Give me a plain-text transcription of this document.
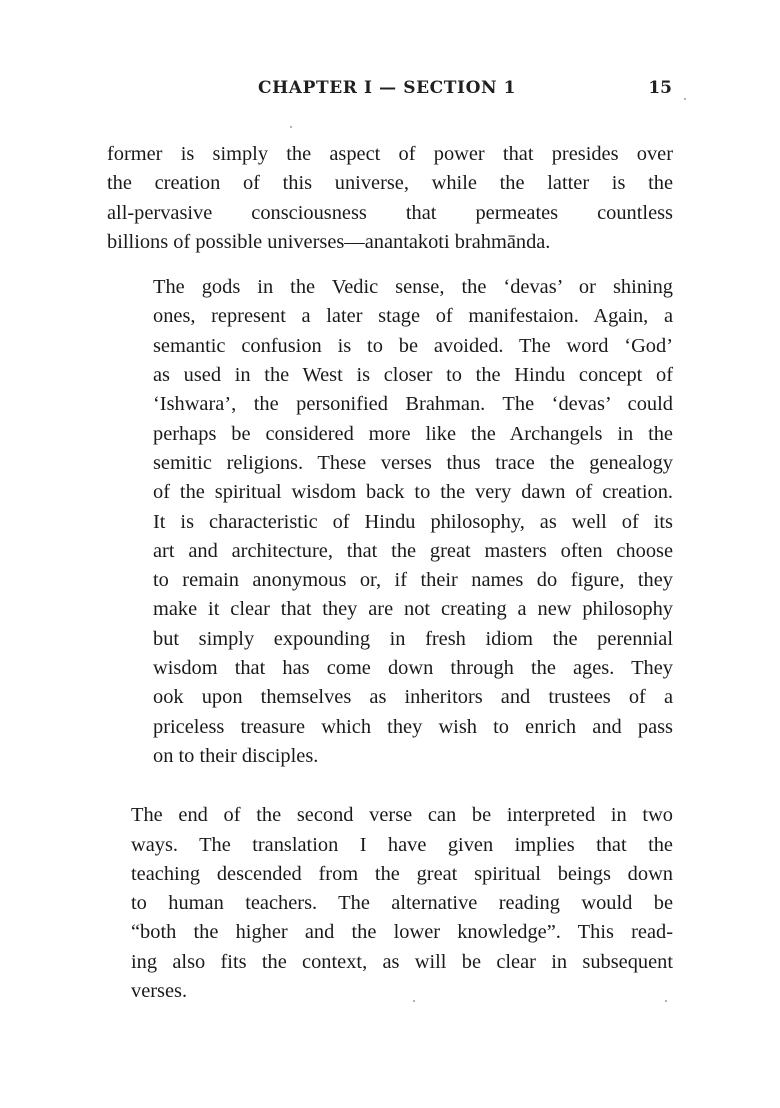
CHAPTER I — SECTION 1	15

former is simply the aspect of power that presides over
the creation of this universe, while the latter is the
all-pervasive consciousness that permeates countless
billions of possible universes—anantakoti brahmānda.

The gods in the Vedic sense, the ‘devas’ or shining
ones, represent a later stage of manifestaion. Again, a
semantic confusion is to be avoided. The word ‘God’
as used in the West is closer to the Hindu concept of
‘Ishwara’, the personified Brahman. The ‘devas’ could
perhaps be considered more like the Archangels in the
semitic religions. These verses thus trace the genealogy
of the spiritual wisdom back to the very dawn of creation.
It is characteristic of Hindu philosophy, as well of its
art and architecture, that the great masters often choose
to remain anonymous or, if their names do figure, they
make it clear that they are not creating a new philosophy
but simply expounding in fresh idiom the perennial
wisdom that has come down through the ages. They
ook upon themselves as inheritors and trustees of a
priceless treasure which they wish to enrich and pass
on to their disciples.

The end of the second verse can be interpreted in two
ways. The translation I have given implies that the
teaching descended from the great spiritual beings down
to human teachers. The alternative reading would be
“both the higher and the lower knowledge”. This read-
ing also fits the context, as will be clear in subsequent
verses.
